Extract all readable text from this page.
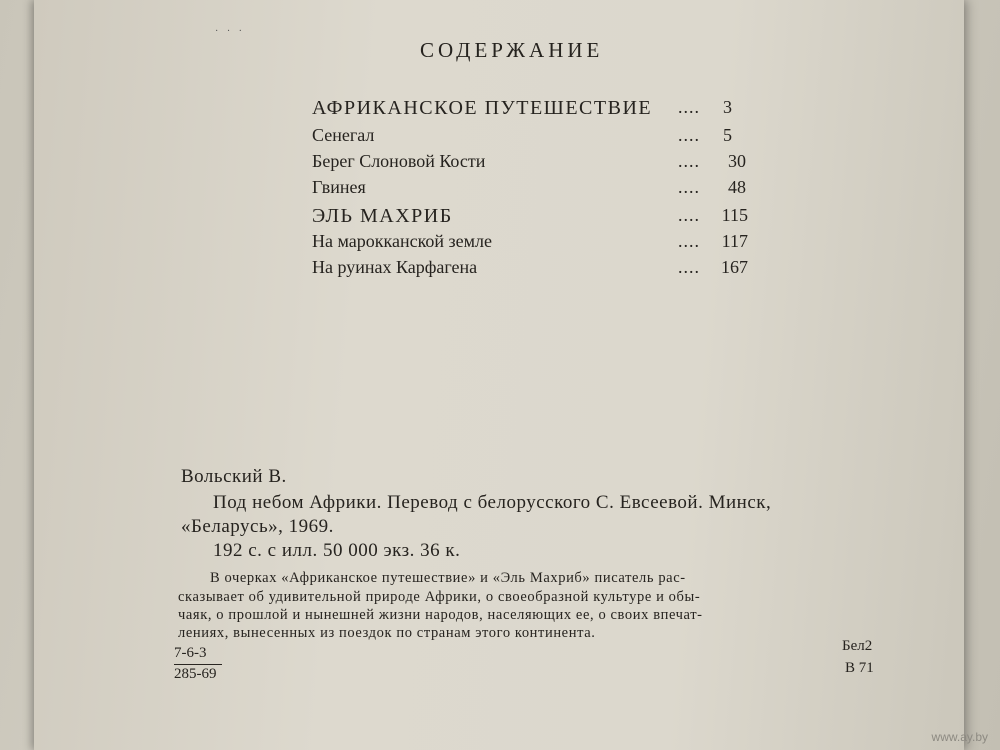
· · ·
СОДЕРЖАНИЕ
АФРИКАНСКОЕ ПУТЕШЕСТВИЕ ....	3
Сенегал	....	5
Берег Слоновой Кости	....	30
Гвинея	....	48
ЭЛЬ МАХРИБ	....	115
На марокканской земле	....	117
На руинах Карфагена	....	167
Вольский В.
Под небом Африки. Перевод с белорусского С. Евсеевой. Минск,
«Беларусь», 1969.
192 с. с илл. 50 000 экз. 36 к.
В очерках «Африканское путешествие» и «Эль Махриб» писатель рас-
сказывает об удивительной природе Африки, о своеобразной культуре и обы-
чаяк, о прошлой и нынешней жизни народов, населяющих ее, о своих впечат-
лениях, вынесенных из поездок по странам этого континента.
7-6-3
285-69
Бел2
В 71
www.ay.by
